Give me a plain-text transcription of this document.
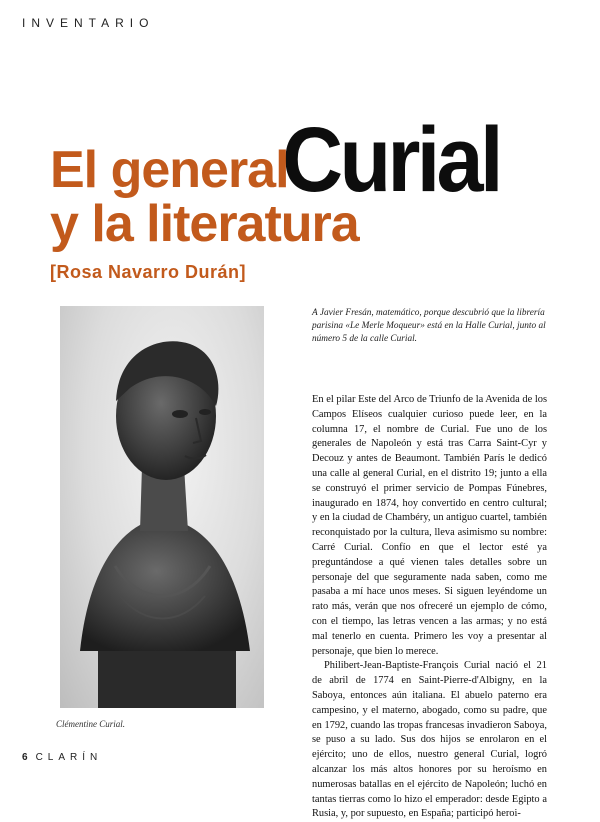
INVENTARIO
Curial
El general
y la literatura
[Rosa Navarro Durán]
Clémentine Curial.

A Javier Fresán, matemático, porque descubrió que la librería parisina «Le Merle Moqueur» está en la Halle Curial, junto al número 5 de la calle Curial.

En el pilar Este del Arco de Triunfo de la Avenida de los Campos Elíseos cualquier curioso puede leer, en la columna 17, el nombre de Curial. Fue uno de los generales de Napoleón y está tras Carra Saint-Cyr y Decouz y antes de Beaumont. También París le dedicó una calle al general Curial, en el distrito 19; junto a ella se construyó el primer servicio de Pompas Fúnebres, inaugurado en 1874, hoy convertido en centro cultural; y en la ciudad de Chambéry, un antiguo cuartel, también reconquistado por la cultura, lleva asimismo su nombre: Carré Curial. Confío en que el lector esté ya preguntándose a qué vienen tales detalles sobre un personaje del que seguramente nada saben, como me pasaba a mí hace unos meses. Si siguen leyéndome un rato más, verán que nos ofreceré un ejemplo de cómo, con el tiempo, las letras vencen a las armas; y no está mal tenerlo en cuenta. Primero les voy a presentar al personaje, que bien lo merece.

Philibert-Jean-Baptiste-François Curial nació el 21 de abril de 1774 en Saint-Pierre-d'Albigny, en la Saboya, entonces aún italiana. El abuelo paterno era campesino, y el materno, abogado, como su padre, que en 1792, cuando las tropas francesas invadieron Saboya, se puso a su lado. Sus dos hijos se enrolaron en el ejército; uno de ellos, nuestro general Curial, logró alcanzar los más altos honores por su heroísmo en numerosas batallas en el ejército de Napoleón; luchó en tantas tierras como lo hizo el emperador: desde Egipto a Rusia, y, por supuesto, en España; participó heroi-

6 CLARÍN
